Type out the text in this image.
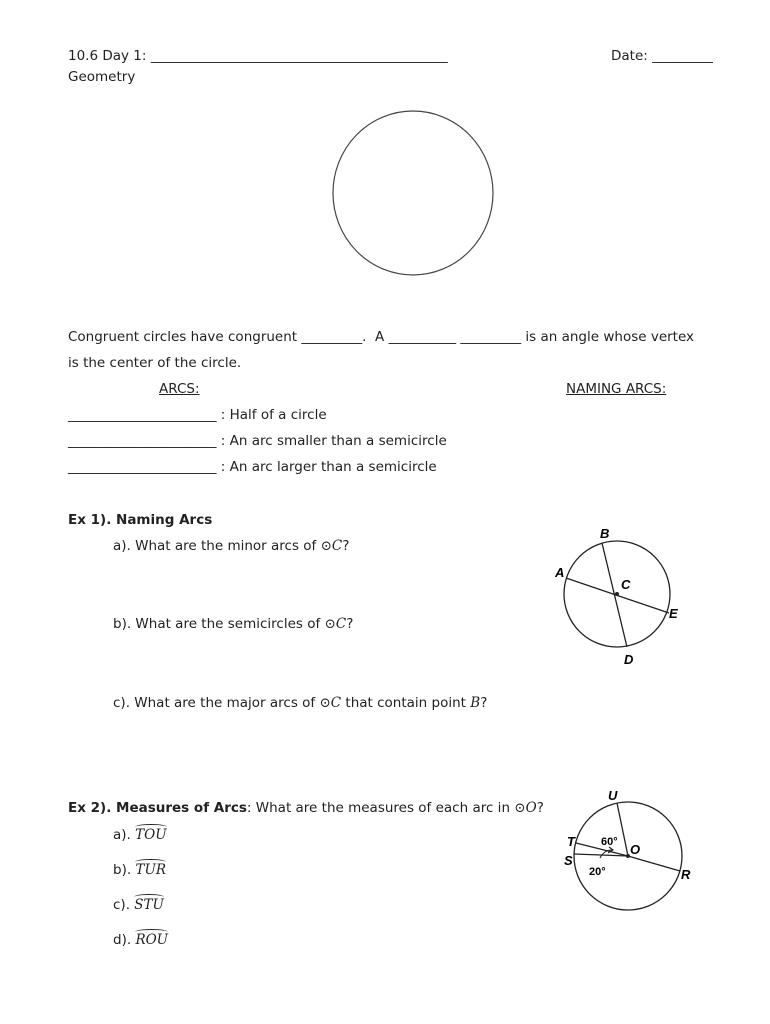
10.6 Day 1: ____________________________________________	Date: _________
Geometry
Congruent circles have congruent _________. A __________ _________ is an angle whose vertex
is the center of the circle.
ARCS:	NAMING ARCS:
______________________ : Half of a circle
______________________ : An arc smaller than a semicircle
______________________ : An arc larger than a semicircle
Ex 1). Naming Arcs
a). What are the minor arcs of ⊙C?
b). What are the semicircles of ⊙C?
c). What are the major arcs of ⊙C that contain point B?
B
A
C
E
D
Ex 2). Measures of Arcs: What are the measures of each arc in ⊙O?
a). TOU
b). TUR
c). STU
d). ROU
U
T
S
O
R
60°
20°
